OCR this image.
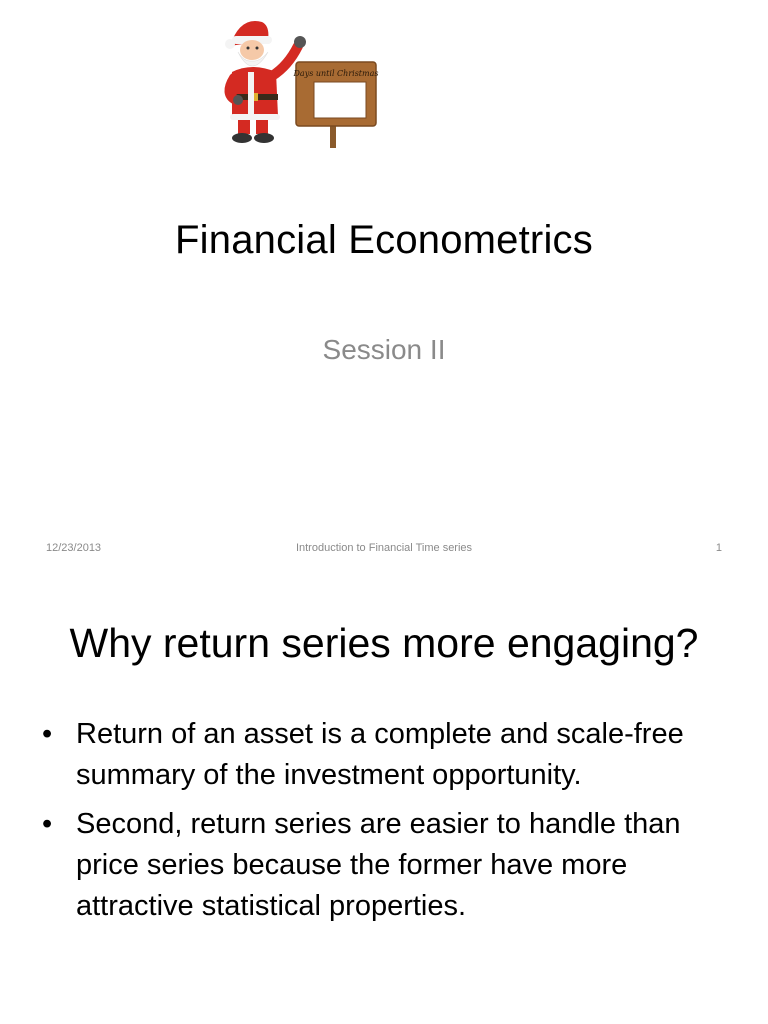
Days until Christmas
Financial Econometrics
Session II
12/23/2013	Introduction to Financial Time series	1
Why return series more engaging?
• Return of an asset is a complete and scale-free summary of the investment opportunity.
• Second, return series are easier to handle than price series because the former have more attractive statistical properties.
